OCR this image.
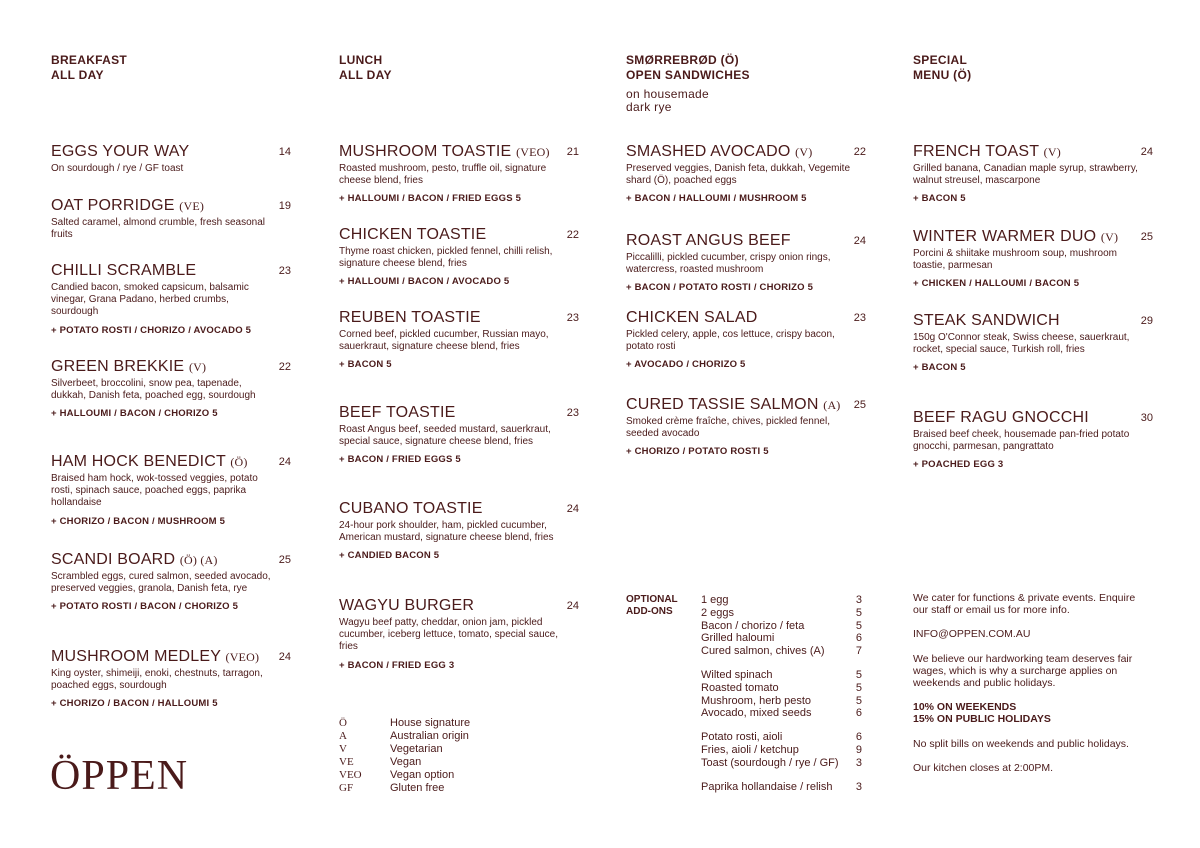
BREAKFAST
ALL DAY
EGGS YOUR WAY	14
On sourdough / rye / GF toast
OAT PORRIDGE (VE)	19
Salted caramel, almond crumble, fresh seasonal fruits
CHILLI SCRAMBLE	23
Candied bacon, smoked capsicum, balsamic vinegar, Grana Padano, herbed crumbs, sourdough
+ POTATO ROSTI / CHORIZO / AVOCADO 5
GREEN BREKKIE (V)	22
Silverbeet, broccolini, snow pea, tapenade, dukkah, Danish feta, poached egg, sourdough
+ HALLOUMI / BACON / CHORIZO 5
HAM HOCK BENEDICT (Ö)	24
Braised ham hock, wok-tossed veggies, potato rosti, spinach sauce, poached eggs, paprika hollandaise
+ CHORIZO / BACON / MUSHROOM 5
SCANDI BOARD (Ö) (A)	25
Scrambled eggs, cured salmon, seeded avocado, preserved veggies, granola, Danish feta, rye
+ POTATO ROSTI / BACON / CHORIZO 5
MUSHROOM MEDLEY (VEO)	24
King oyster, shimeiji, enoki, chestnuts, tarragon, poached eggs, sourdough
+ CHORIZO / BACON / HALLOUMI 5
LUNCH
ALL DAY
MUSHROOM TOASTIE (VEO)	21
Roasted mushroom, pesto, truffle oil, signature cheese blend, fries
+ HALLOUMI / BACON / FRIED EGGS 5
CHICKEN TOASTIE	22
Thyme roast chicken, pickled fennel, chilli relish, signature cheese blend, fries
+ HALLOUMI / BACON / AVOCADO 5
REUBEN TOASTIE	23
Corned beef, pickled cucumber, Russian mayo, sauerkraut, signature cheese blend, fries
+ BACON 5
BEEF TOASTIE	23
Roast Angus beef, seeded mustard, sauerkraut, special sauce, signature cheese blend, fries
+ BACON / FRIED EGGS 5
CUBANO TOASTIE	24
24-hour pork shoulder, ham, pickled cucumber, American mustard, signature cheese blend, fries
+ CANDIED BACON 5
WAGYU BURGER	24
Wagyu beef patty, cheddar, onion jam, pickled cucumber, iceberg lettuce, tomato, special sauce, fries
+ BACON / FRIED EGG 3
SMØRREBRØD (Ö)
OPEN SANDWICHES
on housemade
dark rye
SMASHED AVOCADO (V)	22
Preserved veggies, Danish feta, dukkah, Vegemite shard (Ö), poached eggs
+ BACON / HALLOUMI / MUSHROOM 5
ROAST ANGUS BEEF	24
Piccalilli, pickled cucumber, crispy onion rings, watercress, roasted mushroom
+ BACON / POTATO ROSTI / CHORIZO 5
CHICKEN SALAD	23
Pickled celery, apple, cos lettuce, crispy bacon, potato rosti
+ AVOCADO / CHORIZO 5
CURED TASSIE SALMON (A)	25
Smoked crème fraîche, chives, pickled fennel, seeded avocado
+ CHORIZO / POTATO ROSTI 5
SPECIAL
MENU (Ö)
FRENCH TOAST (V)	24
Grilled banana, Canadian maple syrup, strawberry, walnut streusel, mascarpone
+ BACON 5
WINTER WARMER DUO (V)	25
Porcini & shiitake mushroom soup, mushroom toastie, parmesan
+ CHICKEN / HALLOUMI / BACON 5
STEAK SANDWICH	29
150g O'Connor steak, Swiss cheese, sauerkraut, rocket, special sauce, Turkish roll, fries
+ BACON 5
BEEF RAGU GNOCCHI	30
Braised beef cheek, housemade pan-fried potato gnocchi, parmesan, pangrattato
+ POACHED EGG 3
Ö	House signature
A	Australian origin
V	Vegetarian
VE	Vegan
VEO	Vegan option
GF	Gluten free
ÖPPEN
OPTIONAL
ADD-ONS
1 egg	3
2 eggs	5
Bacon / chorizo / feta	5
Grilled haloumi	6
Cured salmon, chives (A)	7
Wilted spinach	5
Roasted tomato	5
Mushroom, herb pesto	5
Avocado, mixed seeds	6
Potato rosti, aioli	6
Fries, aioli / ketchup	9
Toast (sourdough / rye / GF) 3
Paprika hollandaise / relish 3

We cater for functions & private events. Enquire our staff or email us for more info.

INFO@OPPEN.COM.AU

We believe our hardworking team deserves fair wages, which is why a surcharge applies on weekends and public holidays.

10% ON WEEKENDS
15% ON PUBLIC HOLIDAYS

No split bills on weekends and public holidays.

Our kitchen closes at 2:00PM.
